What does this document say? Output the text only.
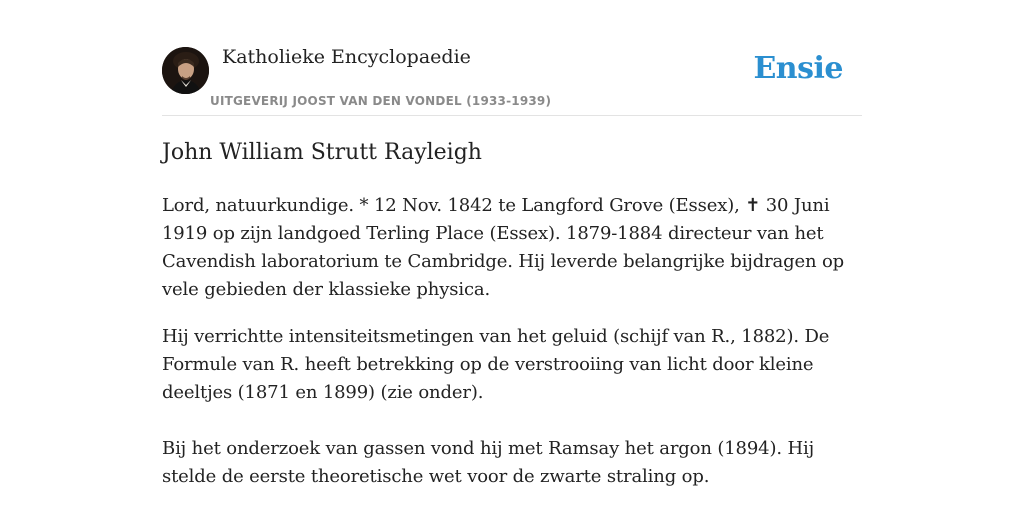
Katholieke Encyclopaedie
UITGEVERIJ JOOST VAN DEN VONDEL (1933-1939)
Ensie
John William Strutt Rayleigh

Lord, natuurkundige. * 12 Nov. 1842 te Langford Grove (Essex), ✝ 30 Juni 1919 op zijn landgoed Terling Place (Essex). 1879-1884 directeur van het Cavendish laboratorium te Cambridge. Hij leverde belangrijke bijdragen op vele gebieden der klassieke physica.

Hij verrichtte intensiteitsmetingen van het geluid (schijf van R., 1882). De Formule van R. heeft betrekking op de verstrooiing van licht door kleine deeltjes (1871 en 1899) (zie onder).

Bij het onderzoek van gassen vond hij met Ramsay het argon (1894). Hij stelde de eerste theoretische wet voor de zwarte straling op.
